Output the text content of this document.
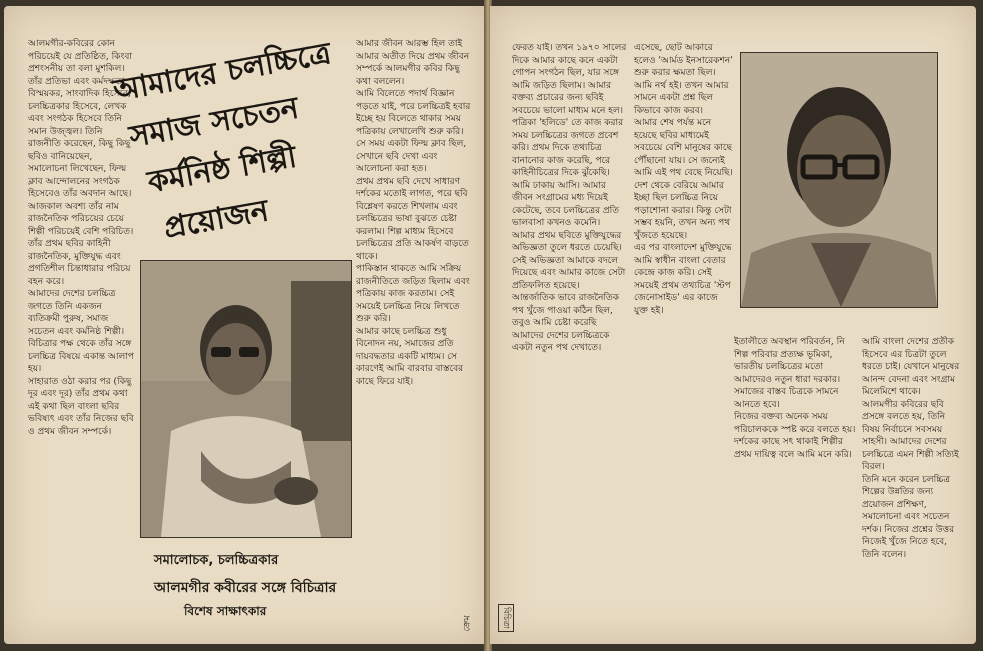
আলমগীর-কবিরের কোন পরিচয়েই যে প্রতিষ্ঠিত, কিংবা প্রশংসনীয় তা বলা মুশকিল। তাঁর প্রতিভা এবং কর্মদক্ষতা বিস্ময়কর, সাংবাদিক হিসেবে, চলচ্চিত্রকার হিসেবে, লেখক এবং সংগঠক হিসেবে তিনি সমান উজ্জ্বল। তিনি রাজনীতি করেছেন, কিছু কিছু ছবিও বানিয়েছেন, সমালোচনা লিখেছেন, ফিল্ম ক্লাব আন্দোলনের সংগঠক হিসেবেও তাঁর অবদান আছে।

আজকাল অবশ্য তাঁর নাম রাজনৈতিক পরিচয়ের চেয়ে শিল্পী পরিচয়েই বেশি পরিচিত। তাঁর প্রথম ছবির কাহিনী রাজনৈতিক, মুক্তিযুদ্ধ এবং প্রগতিশীল চিন্তাধারার পরিচয় বহন করে।

আমাদের দেশের চলচ্চিত্র জগতে তিনি একজন ব্যতিক্রমী পুরুষ, সমাজ সচেতন এবং কর্মনিষ্ঠ শিল্পী। বিচিত্রার পক্ষ থেকে তাঁর সঙ্গে চলচ্চিত্র বিষয়ে একান্ত আলাপ হয়।

সাহারাত ওঠা করার পর (কিছু দূর এবং দূর) তাঁর প্রথম কথা এই কথা ছিল বাংলা ছবির ভবিষ্যৎ এবং তাঁর নিজের ছবি ও প্রথম জীবন সম্পর্কে।

আমাদের চলচ্চিত্রে
সমাজ সচেতন
কর্মনিষ্ঠ শিল্পী
প্রয়োজন

আমার জীবন আরম্ভ হিল তাই আমার অতীত দিয়ে প্রথম জীবন সম্পর্কে আলমগীর কবির কিছু কথা বললেন।

আমি বিলেতে পদার্থ বিজ্ঞান পড়তে যাই, পরে চলচ্চিত্রই হবার ইচ্ছে হয় বিলেতে থাকার সময় পত্রিকায় লেখালেখি শুরু করি। সে সময় একটা ফিল্ম ক্লাব ছিল, সেখানে ছবি দেখা এবং আলোচনা করা হত।

প্রথম প্রথম ছবি দেখে সাধারণ দর্শকের মতোই লাগত, পরে ছবি বিশ্লেষণ করতে শিখলাম এবং চলচ্চিত্রের ভাষা বুঝতে চেষ্টা করলাম। শিল্প মাধ্যম হিসেবে চলচ্চিত্রের প্রতি আকর্ষণ বাড়তে থাকে।

পাকিস্তান থাকতে আমি সক্রিয় রাজনীতিতে জড়িত ছিলাম এবং পত্রিকায় কাজ করতাম। সেই সময়েই চলচ্চিত্র নিয়ে লিখতে শুরু করি।

আমার কাছে চলচ্চিত্র শুধু বিনোদন নয়, সমাজের প্রতি দায়বদ্ধতার একটি মাধ্যম। সে কারণেই আমি বারবার বাস্তবের কাছে ফিরে যাই।

সমালোচক, চলচ্চিত্রকার
আলমগীর কবীরের সঙ্গে বিচিত্রার
বিশেষ সাক্ষাৎকার
ক্রেম

ফেরত যাই। তখন ১৯৭০ সালের দিকে আমার কাছে কনে একটা গোপন সংগঠন ছিল, যার সঙ্গে আমি জড়িত ছিলাম। আমার বক্তব্য প্রচারের জন্য ছবিই সবচেয়ে ভালো মাধ্যম মনে হল।

পত্রিকা 'হলিডে' তে কাজ করার সময় চলচ্চিত্রের জগতে প্রবেশ করি। প্রথম দিকে তথ্যচিত্র বানানোর কাজ করেছি, পরে কাহিনীচিত্রের দিকে ঝুঁকেছি।

আমি ঢাকায় আসি। আমার জীবন সংগ্রামের মধ্য দিয়েই কেটেছে, তবে চলচ্চিত্রের প্রতি ভালবাসা কখনও কমেনি।

আমার প্রথম ছবিতে মুক্তিযুদ্ধের অভিজ্ঞতা তুলে ধরতে চেয়েছি। সেই অভিজ্ঞতা আমাকে বদলে দিয়েছে এবং আমার কাজে সেটা প্রতিফলিত হয়েছে।

আন্তর্জাতিক ভাবে রাজনৈতিক পথ খুঁজে পাওয়া কঠিন ছিল, তবুও আমি চেষ্টা করেছি আমাদের দেশের চলচ্চিত্রকে একটা নতুন পথ দেখাতে।

এসেছে, ছোট আকারে হলেও 'আর্মড ইনসারেকশন' শুরু করার ক্ষমতা ছিল। আমি নর্থ হই। তখন আমার সামনে একটা প্রশ্ন ছিল কিভাবে কাজ করব।

আমার শেষ পর্যন্ত মনে হয়েছে ছবির মাধ্যমেই সবচেয়ে বেশি মানুষের কাছে পৌঁছানো যায়। সে জন্যেই আমি এই পথ বেছে নিয়েছি।

দেশ থেকে বেরিয়ে আমার ইচ্ছা ছিল চলচ্চিত্র নিয়ে পড়াশোনা করার। কিন্তু সেটা সম্ভব হয়নি, তখন অন্য পথ খুঁজতে হয়েছে।

এর পর বাংলাদেশ মুক্তিযুদ্ধে আমি স্বাধীন বাংলা বেতার কেন্দ্রে কাজ করি। সেই সময়েই প্রথম তথ্যচিত্র 'স্টপ জেনোসাইড' এর কাজে যুক্ত হই।

ইতালীতে অবস্থান পরিবর্তন, নি শিল্প পরিবার প্রত্যক্ষ ভূমিকা, ভারতীয় চলচ্চিত্রের মতো আমাদেরও নতুন ধারা দরকার। সমাজের বাস্তব চিত্রকে সামনে আনতে হবে।

নিজের বক্তব্য অনেক সময় পরিচালককে স্পষ্ট করে বলতে হয়। দর্শকের কাছে সৎ থাকাই শিল্পীর প্রথম দায়িত্ব বলে আমি মনে করি।

আমি বাংলা দেশের প্রতীক হিসেবে এর চিত্রটা তুলে ধরতে চাই। যেখানে মানুষের আনন্দ বেদনা এবং সংগ্রাম মিলেমিশে থাকে।

আলমগীর কবিরের ছবি প্রসঙ্গে বলতে হয়, তিনি বিষয় নির্বাচনে সবসময় সাহসী। আমাদের দেশের চলচ্চিত্রে এমন শিল্পী সত্যিই বিরল।

তিনি মনে করেন চলচ্চিত্র শিল্পের উন্নতির জন্য প্রয়োজন প্রশিক্ষণ, সমালোচনা এবং সচেতন দর্শক। নিজের প্রশ্নের উত্তর নিজেই খুঁজে নিতে হবে, তিনি বলেন।

বিচিত্রা
